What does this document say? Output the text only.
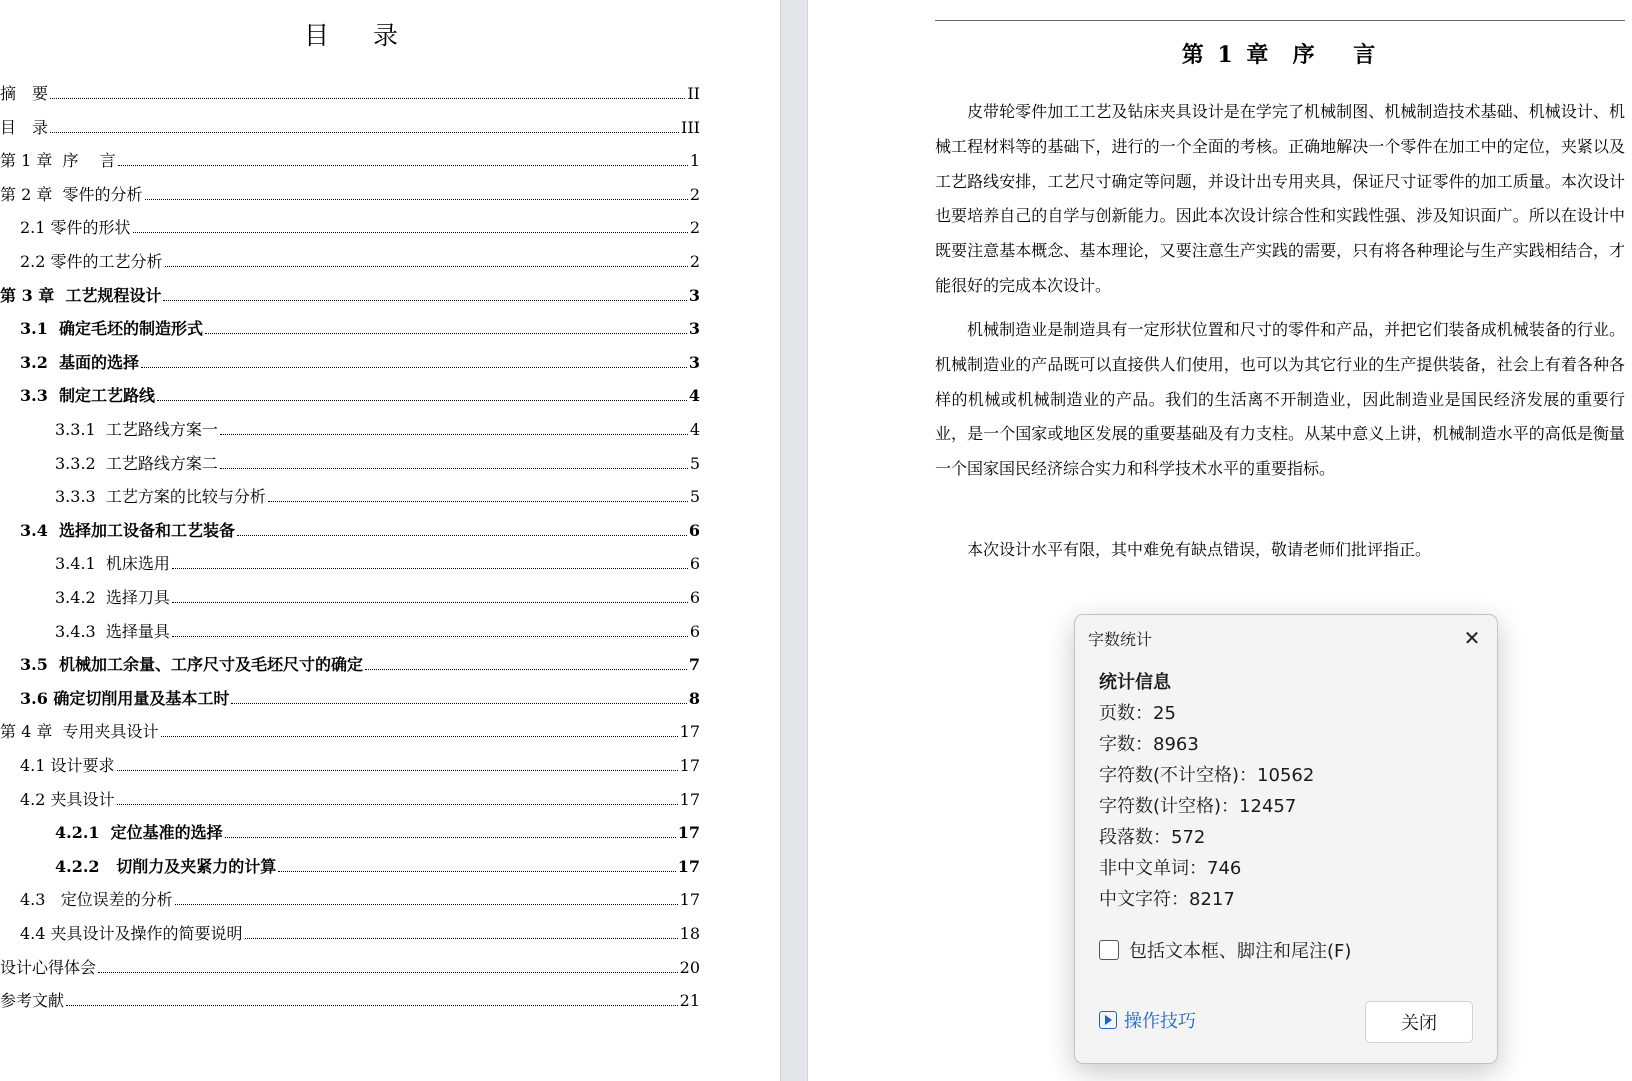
目 录
摘　要	II
目　录	III
第 1 章  序　 言	1
第 2 章  零件的分析	2
2.1 零件的形状	2
2.2 零件的工艺分析	2
第 3 章  工艺规程设计	3
3.1  确定毛坯的制造形式	3
3.2  基面的选择	3
3.3  制定工艺路线	4
3.3.1  工艺路线方案一	4
3.3.2  工艺路线方案二	5
3.3.3  工艺方案的比较与分析	5
3.4  选择加工设备和工艺装备	6
3.4.1  机床选用	6
3.4.2  选择刀具	6
3.4.3  选择量具	6
3.5  机械加工余量、工序尺寸及毛坯尺寸的确定	7
3.6 确定切削用量及基本工时	8
第 4 章  专用夹具设计	17
4.1 设计要求	17
4.2 夹具设计	17
4.2.1  定位基准的选择	17
4.2.2   切削力及夹紧力的计算	17
4.3   定位误差的分析	17
4.4 夹具设计及操作的简要说明	18
设计心得体会	20
参考文献	21
第 1 章  序　 言

皮带轮零件加工工艺及钻床夹具设计是在学完了机械制图、机械制造技术基础、机械设计、机械工程材料等的基础下，进行的一个全面的考核。正确地解决一个零件在加工中的定位，夹紧以及工艺路线安排，工艺尺寸确定等问题，并设计出专用夹具，保证尺寸证零件的加工质量。本次设计也要培养自己的自学与创新能力。因此本次设计综合性和实践性强、涉及知识面广。所以在设计中既要注意基本概念、基本理论，又要注意生产实践的需要，只有将各种理论与生产实践相结合，才能很好的完成本次设计。

机械制造业是制造具有一定形状位置和尺寸的零件和产品，并把它们装备成机械装备的行业。机械制造业的产品既可以直接供人们使用，也可以为其它行业的生产提供装备，社会上有着各种各样的机械或机械制造业的产品。我们的生活离不开制造业，因此制造业是国民经济发展的重要行业，是一个国家或地区发展的重要基础及有力支柱。从某中意义上讲，机械制造水平的高低是衡量一个国家国民经济综合实力和科学技术水平的重要指标。

本次设计水平有限，其中难免有缺点错误，敬请老师们批评指正。

字数统计	✕
统计信息
页数：25
字数：8963
字符数(不计空格)：10562
字符数(计空格)：12457
段落数：572
非中文单词：746
中文字符：8217
包括文本框、脚注和尾注(F)
操作技巧	关闭
